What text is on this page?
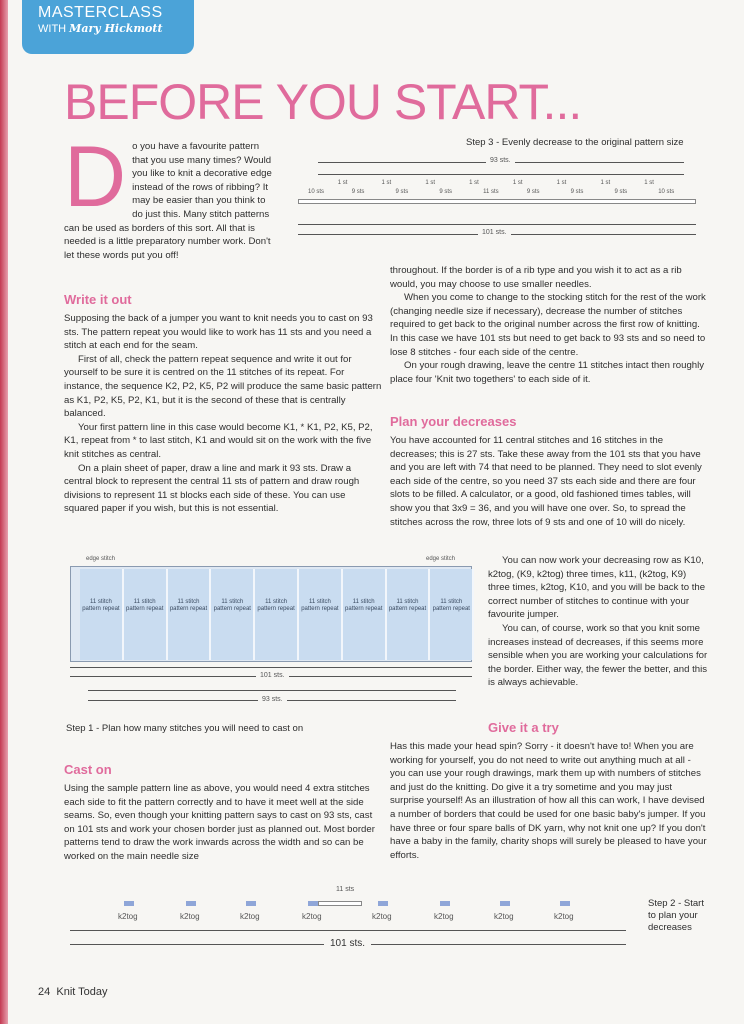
MASTERCLASS
WITH Mary Hickmott
BEFORE YOU START...

Do you have a favourite pattern that you use many times? Would you like to knit a decorative edge instead of the rows of ribbing? It may be easier than you think to do just this. Many stitch patterns can be used as borders of this sort. All that is needed is a little preparatory number work. Don't let these words put you off!

Write it out

Supposing the back of a jumper you want to knit needs you to cast on 93 sts. The pattern repeat you would like to work has 11 sts and you need a stitch at each end for the seam.

First of all, check the pattern repeat sequence and write it out for yourself to be sure it is centred on the 11 stitches of its repeat. For instance, the sequence K2, P2, K5, P2 will produce the same basic pattern as K1, P2, K5, P2, K1, but it is the second of these that is centrally balanced.

Your first pattern line in this case would become K1, * K1, P2, K5, P2, K1, repeat from * to last stitch, K1 and would sit on the work with the five knit stitches as central.

On a plain sheet of paper, draw a line and mark it 93 sts. Draw a central block to represent the central 11 sts of pattern and draw rough divisions to represent 11 st blocks each side of these. You can use squared paper if you wish, but this is not essential.

Cast on

Using the sample pattern line as above, you would need 4 extra stitches each side to fit the pattern correctly and to have it meet well at the side seams. So, even though your knitting pattern says to cast on 93 sts, cast on 101 sts and work your chosen border just as planned out. Most border patterns tend to draw the work inwards across the width and so can be worked on the main needle size

throughout. If the border is of a rib type and you wish it to act as a rib would, you may choose to use smaller needles.

When you come to change to the stocking stitch for the rest of the work (changing needle size if necessary), decrease the number of stitches required to get back to the original number across the first row of knitting. In this case we have 101 sts but need to get back to 93 sts and so need to lose 8 stitches - four each side of the centre.

On your rough drawing, leave the centre 11 stitches intact then roughly place four 'Knit two togethers' to each side of it.

Plan your decreases

You have accounted for 11 central stitches and 16 stitches in the decreases; this is 27 sts. Take these away from the 101 sts that you have and you are left with 74 that need to be planned. They need to slot evenly each side of the centre, so you need 37 sts each side and there are four slots to be filled. A calculator, or a good, old fashioned times tables, will show you that 3x9 = 36, and you will have one over. So, to spread the stitches across the row, three lots of 9 sts and one of 10 will do nicely.

You can now work your decreasing row as K10, k2tog, (K9, k2tog) three times, k11, (k2tog, K9) three times, k2tog, K10, and you will be back to the correct number of stitches to continue with your favourite jumper.

You can, of course, work so that you knit some increases instead of decreases, if this seems more sensible when you are working your calculations for the border. Either way, the fewer the better, and this is always achievable.

Give it a try

Has this made your head spin? Sorry - it doesn't have to! When you are working for yourself, you do not need to write out anything much at all - you can use your rough drawings, mark them up with numbers of stitches and just do the knitting. Do give it a try sometime and you may just surprise yourself! As an illustration of how all this can work, I have devised a number of borders that could be used for one basic baby's jumper. If you have three or four spare balls of DK yarn, why not knit one up? If you don't have a baby in the family, charity shops will surely be pleased to have your efforts.

Step 3 - Evenly decrease to the original pattern size
93 sts.
10 sts
1 st
9 sts
1 st
9 sts
1 st
9 sts
1 st
11 sts
1 st
9 sts
1 st
9 sts
1 st
9 sts
1 st
10 sts
101 sts.
edge stitch	edge stitch
11 stitch pattern repeat
11 stitch pattern repeat
11 stitch pattern repeat
11 stitch pattern repeat
11 stitch pattern repeat
11 stitch pattern repeat
11 stitch pattern repeat
11 stitch pattern repeat
11 stitch pattern repeat
101 sts.
93 sts.
Step 1 - Plan how many stitches you will need to cast on
11 sts
k2tog	k2tog	k2tog	k2tog	k2tog	k2tog	k2tog	k2tog
101 sts.
Step 2 - Start to plan your decreases
24 Knit Today
